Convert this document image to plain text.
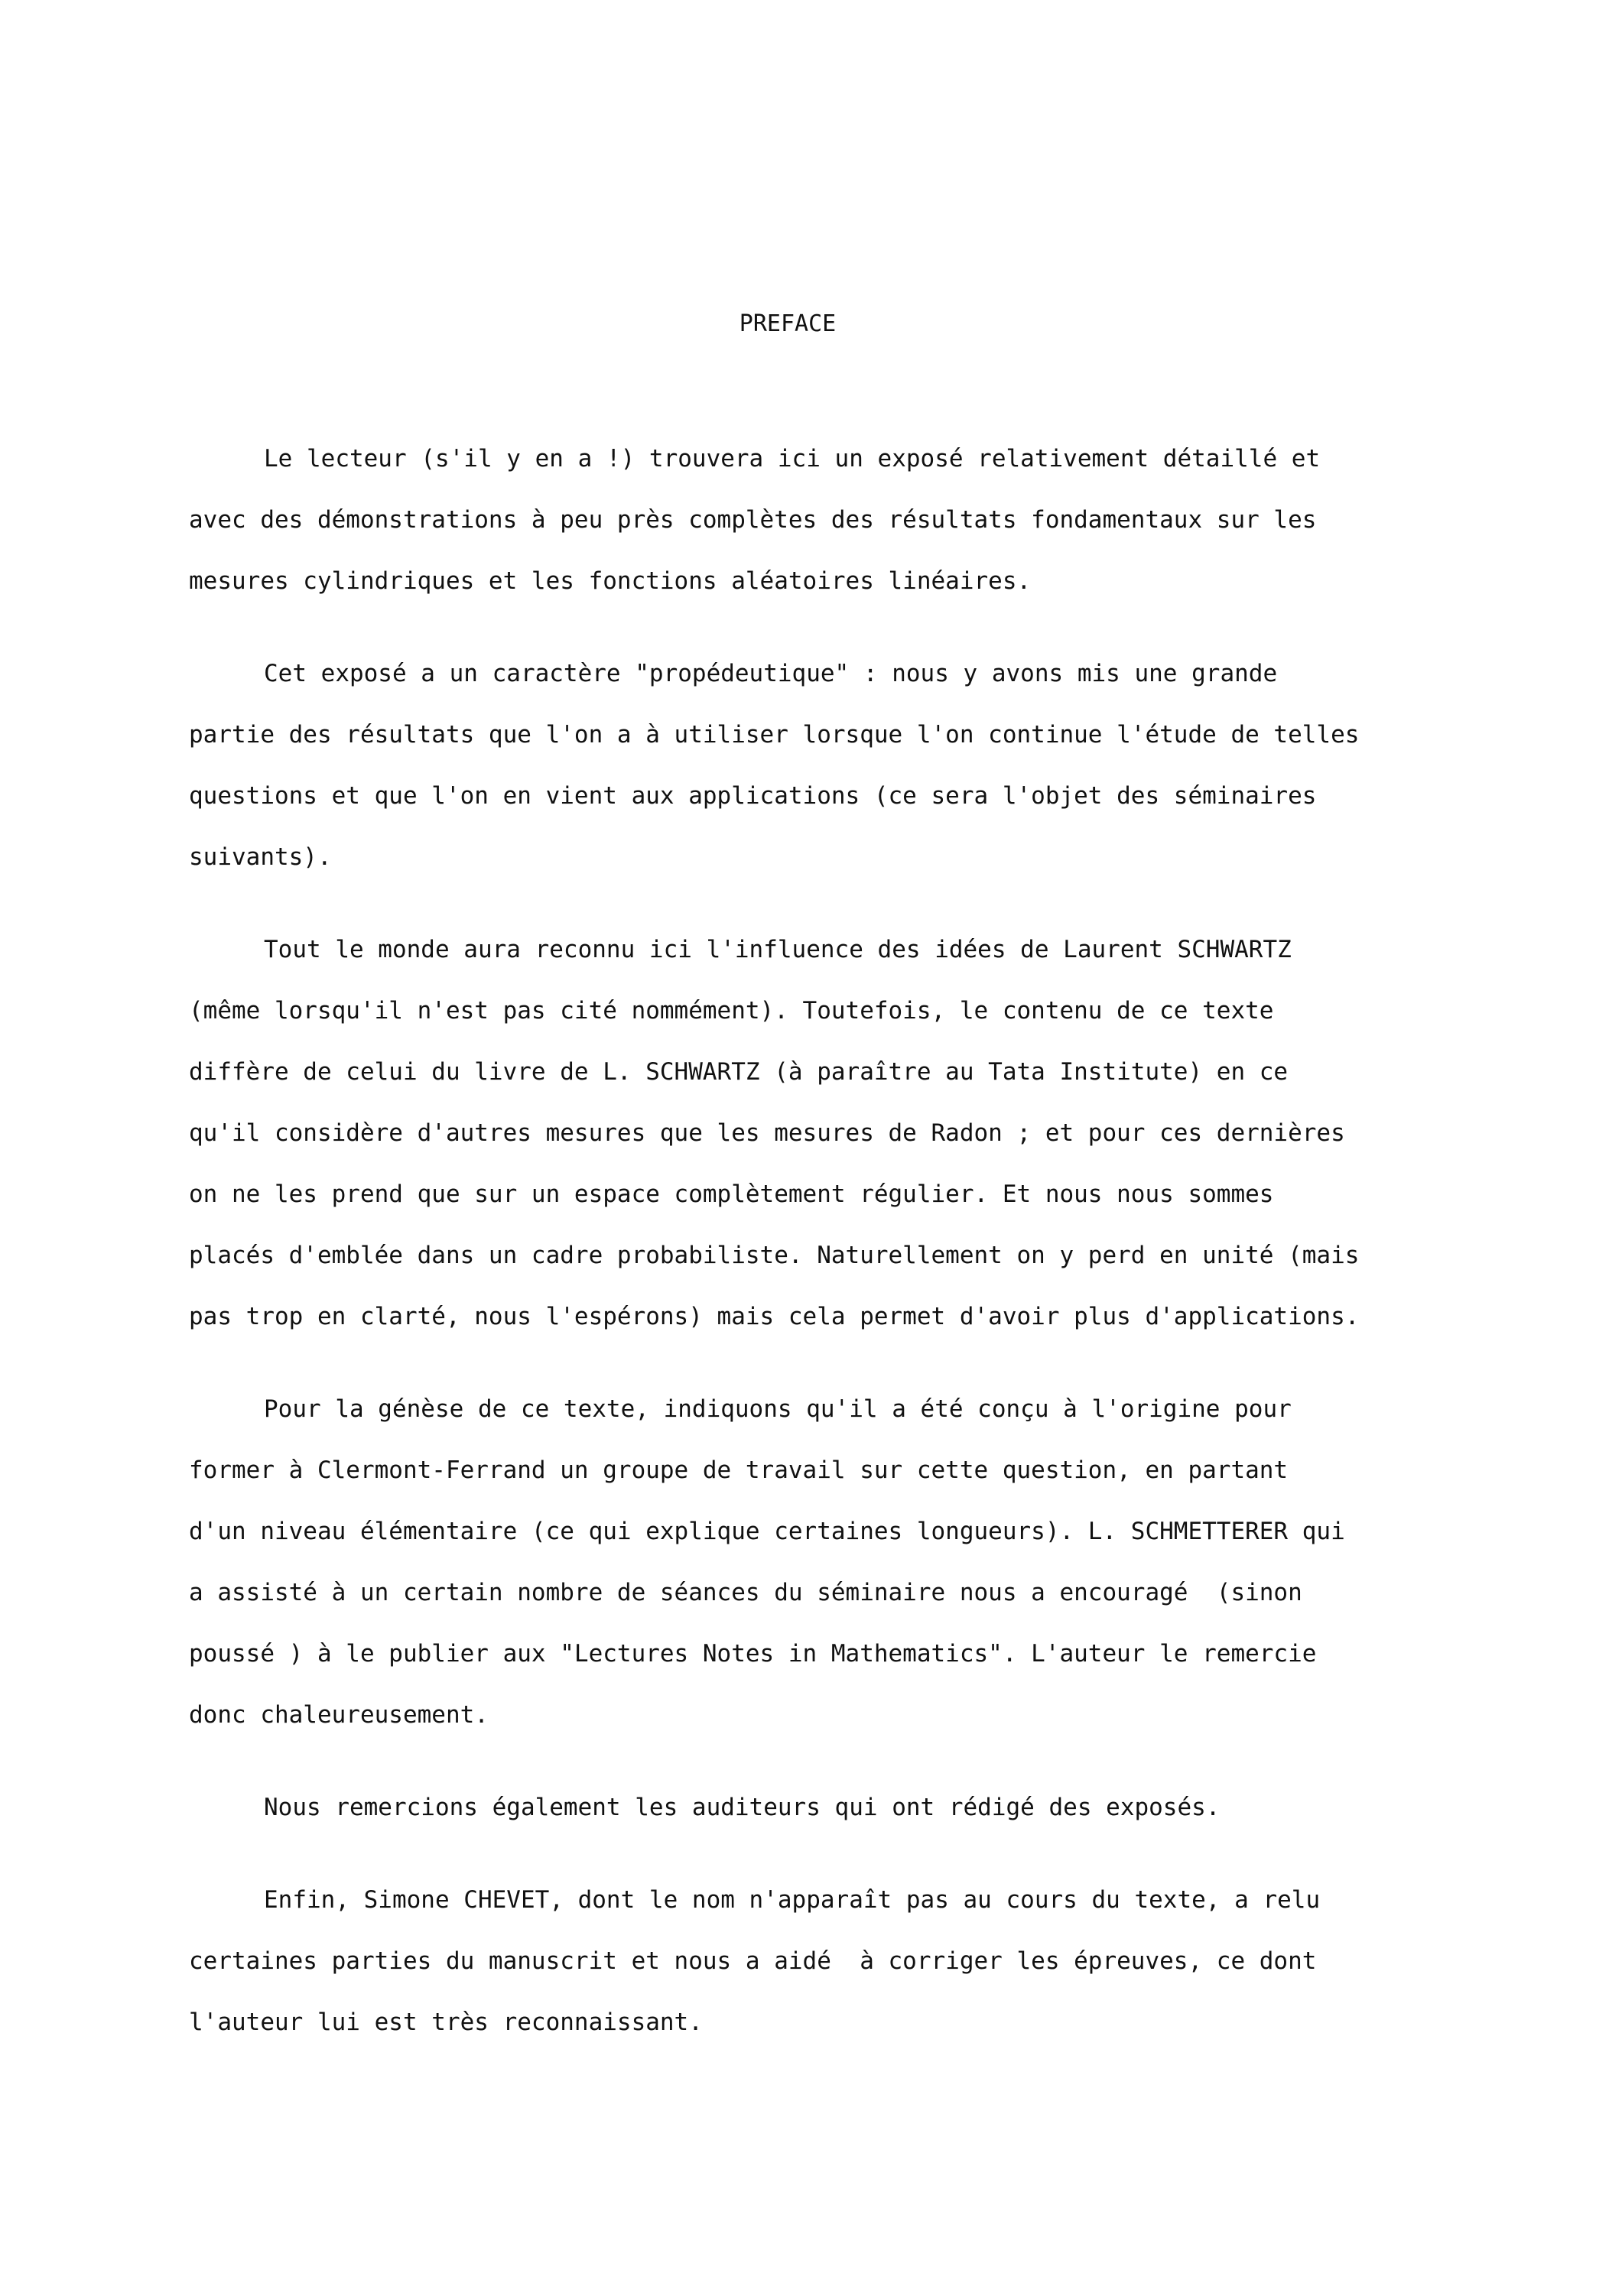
PREFACE
Le lecteur (s'il y en a !) trouvera ici un exposé relativement détaillé et
avec des démonstrations à peu près complètes des résultats fondamentaux sur les
mesures cylindriques et les fonctions aléatoires linéaires.
Cet exposé a un caractère "propédeutique" : nous y avons mis une grande
partie des résultats que l'on a à utiliser lorsque l'on continue l'étude de telles
questions et que l'on en vient aux applications (ce sera l'objet des séminaires
suivants).
Tout le monde aura reconnu ici l'influence des idées de Laurent SCHWARTZ
(même lorsqu'il n'est pas cité nommément). Toutefois, le contenu de ce texte
diffère de celui du livre de L. SCHWARTZ (à paraître au Tata Institute) en ce
qu'il considère d'autres mesures que les mesures de Radon ; et pour ces dernières
on ne les prend que sur un espace complètement régulier. Et nous nous sommes
placés d'emblée dans un cadre probabiliste. Naturellement on y perd en unité (mais
pas trop en clarté, nous l'espérons) mais cela permet d'avoir plus d'applications.
Pour la génèse de ce texte, indiquons qu'il a été conçu à l'origine pour
former à Clermont-Ferrand un groupe de travail sur cette question, en partant
d'un niveau élémentaire (ce qui explique certaines longueurs). L. SCHMETTERER qui
a assisté à un certain nombre de séances du séminaire nous a encouragé  (sinon
poussé ) à le publier aux "Lectures Notes in Mathematics". L'auteur le remercie
donc chaleureusement.
Nous remercions également les auditeurs qui ont rédigé des exposés.
Enfin, Simone CHEVET, dont le nom n'apparaît pas au cours du texte, a relu
certaines parties du manuscrit et nous a aidé  à corriger les épreuves, ce dont
l'auteur lui est très reconnaissant.
